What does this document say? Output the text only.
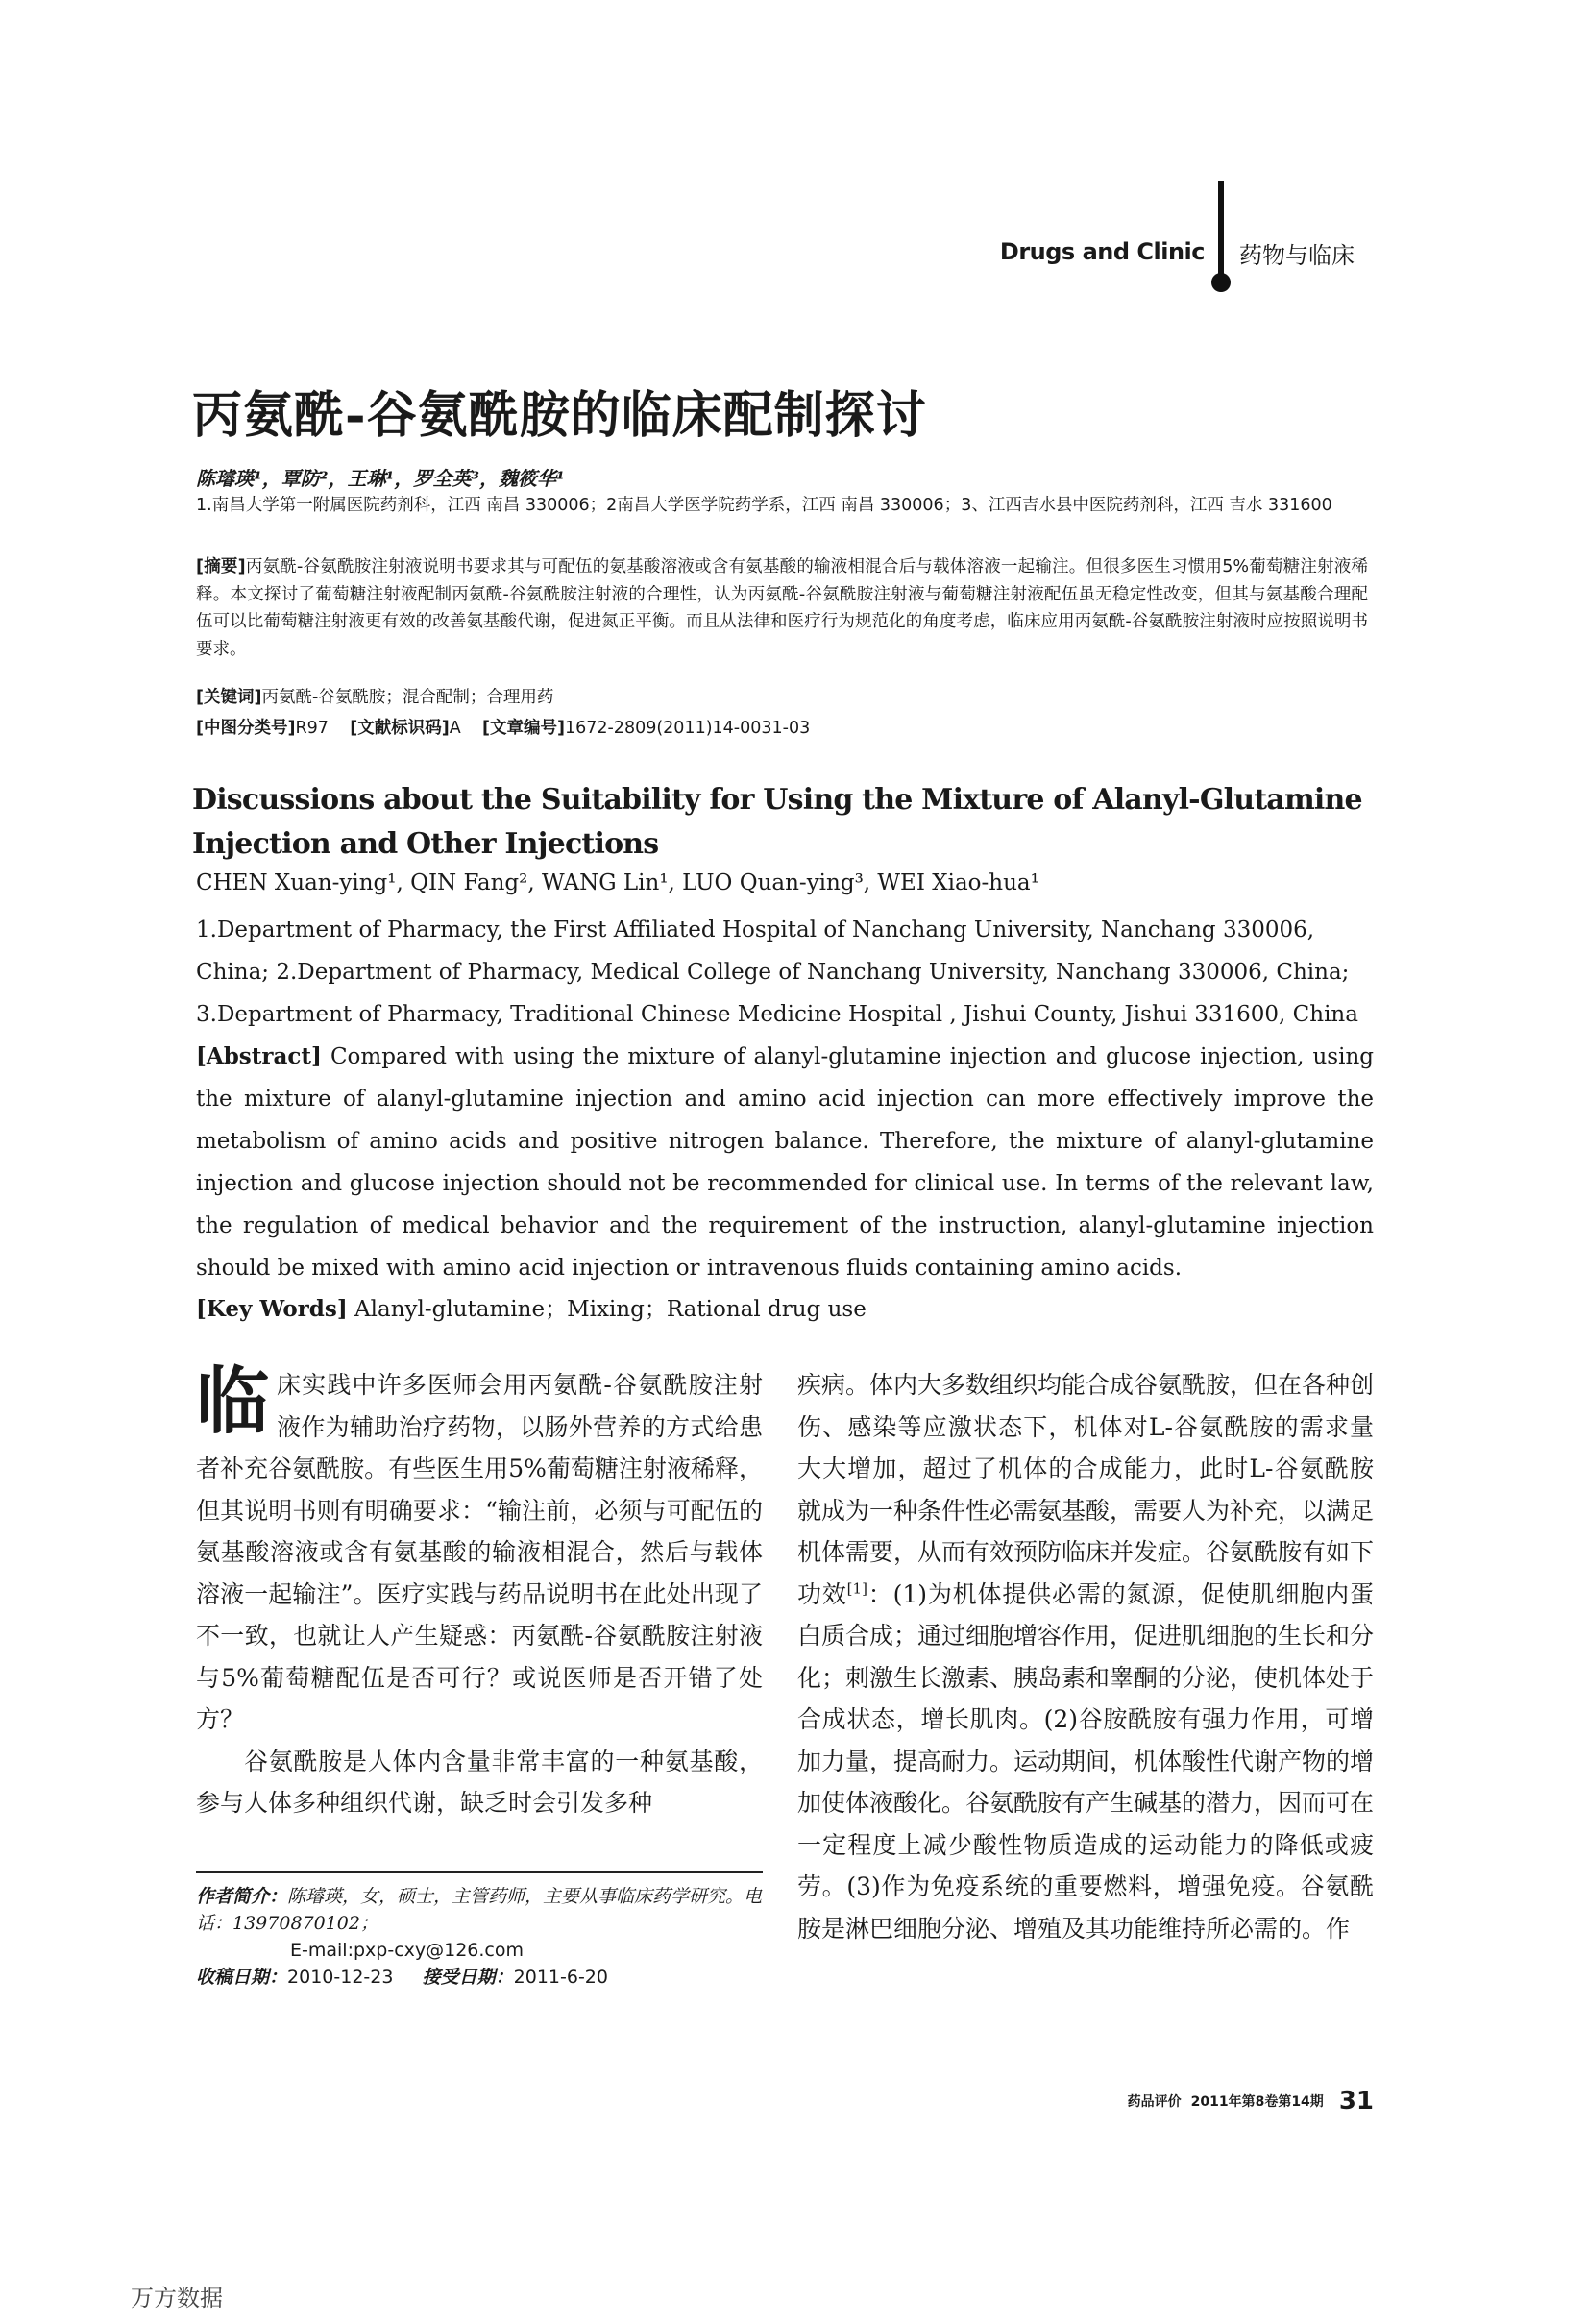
Drugs and Clinic 药物与临床
丙氨酰-谷氨酰胺的临床配制探讨
陈璿瑛¹，覃防²，王琳¹，罗全英³，魏筱华¹
1.南昌大学第一附属医院药剂科，江西 南昌 330006；2南昌大学医学院药学系，江西 南昌 330006；3、江西吉水县中医院药剂科，江西 吉水 331600
[摘要]丙氨酰-谷氨酰胺注射液说明书要求其与可配伍的氨基酸溶液或含有氨基酸的输液相混合后与载体溶液一起输注。但很多医生习惯用5%葡萄糖注射液稀释。本文探讨了葡萄糖注射液配制丙氨酰-谷氨酰胺注射液的合理性，认为丙氨酰-谷氨酰胺注射液与葡萄糖注射液配伍虽无稳定性改变，但其与氨基酸合理配伍可以比葡萄糖注射液更有效的改善氨基酸代谢，促进氮正平衡。而且从法律和医疗行为规范化的角度考虑，临床应用丙氨酰-谷氨酰胺注射液时应按照说明书要求。
[关键词]丙氨酰-谷氨酰胺；混合配制；合理用药
[中图分类号]R97 [文献标识码]A [文章编号]1672-2809(2011)14-0031-03
Discussions about the Suitability for Using the Mixture of Alanyl-Glutamine Injection and Other Injections
CHEN Xuan-ying¹, QIN Fang², WANG Lin¹, LUO Quan-ying³, WEI Xiao-hua¹
1.Department of Pharmacy, the First Affiliated Hospital of Nanchang University, Nanchang 330006, China; 2.Department of Pharmacy, Medical College of Nanchang University, Nanchang 330006, China; 3.Department of Pharmacy, Traditional Chinese Medicine Hospital , Jishui County, Jishui 331600, China
[Abstract] Compared with using the mixture of alanyl-glutamine injection and glucose injection, using the mixture of alanyl-glutamine injection and amino acid injection can more effectively improve the metabolism of amino acids and positive nitrogen balance. Therefore, the mixture of alanyl-glutamine injection and glucose injection should not be recommended for clinical use. In terms of the relevant law, the regulation of medical behavior and the requirement of the instruction, alanyl-glutamine injection should be mixed with amino acid injection or intravenous fluids containing amino acids.
[Key Words] Alanyl-glutamine；Mixing；Rational drug use

临床实践中许多医师会用丙氨酰-谷氨酰胺注射液作为辅助治疗药物，以肠外营养的方式给患者补充谷氨酰胺。有些医生用5%葡萄糖注射液稀释，但其说明书则有明确要求：“输注前，必须与可配伍的氨基酸溶液或含有氨基酸的输液相混合，然后与载体溶液一起输注”。医疗实践与药品说明书在此处出现了不一致，也就让人产生疑惑：丙氨酰-谷氨酰胺注射液与5%葡萄糖配伍是否可行？或说医师是否开错了处方？

谷氨酰胺是人体内含量非常丰富的一种氨基酸，参与人体多种组织代谢，缺乏时会引发多种

疾病。体内大多数组织均能合成谷氨酰胺，但在各种创伤、感染等应激状态下，机体对L-谷氨酰胺的需求量大大增加，超过了机体的合成能力，此时L-谷氨酰胺就成为一种条件性必需氨基酸，需要人为补充，以满足机体需要，从而有效预防临床并发症。谷氨酰胺有如下功效[1]：(1)为机体提供必需的氮源，促使肌细胞内蛋白质合成；通过细胞增容作用，促进肌细胞的生长和分化；刺激生长激素、胰岛素和睾酮的分泌，使机体处于合成状态，增长肌肉。(2)谷胺酰胺有强力作用，可增加力量，提高耐力。运动期间，机体酸性代谢产物的增加使体液酸化。谷氨酰胺有产生碱基的潜力，因而可在一定程度上减少酸性物质造成的运动能力的降低或疲劳。(3)作为免疫系统的重要燃料，增强免疫。谷氨酰胺是淋巴细胞分泌、增殖及其功能维持所必需的。作

作者简介：陈璿瑛，女，硕士，主管药师，主要从事临床药学研究。电话：13970870102；
E-mail:pxp-cxy@126.com
收稿日期：2010-12-23 接受日期：2011-6-20
药品评价 2011年第8卷第14期 31
万方数据
